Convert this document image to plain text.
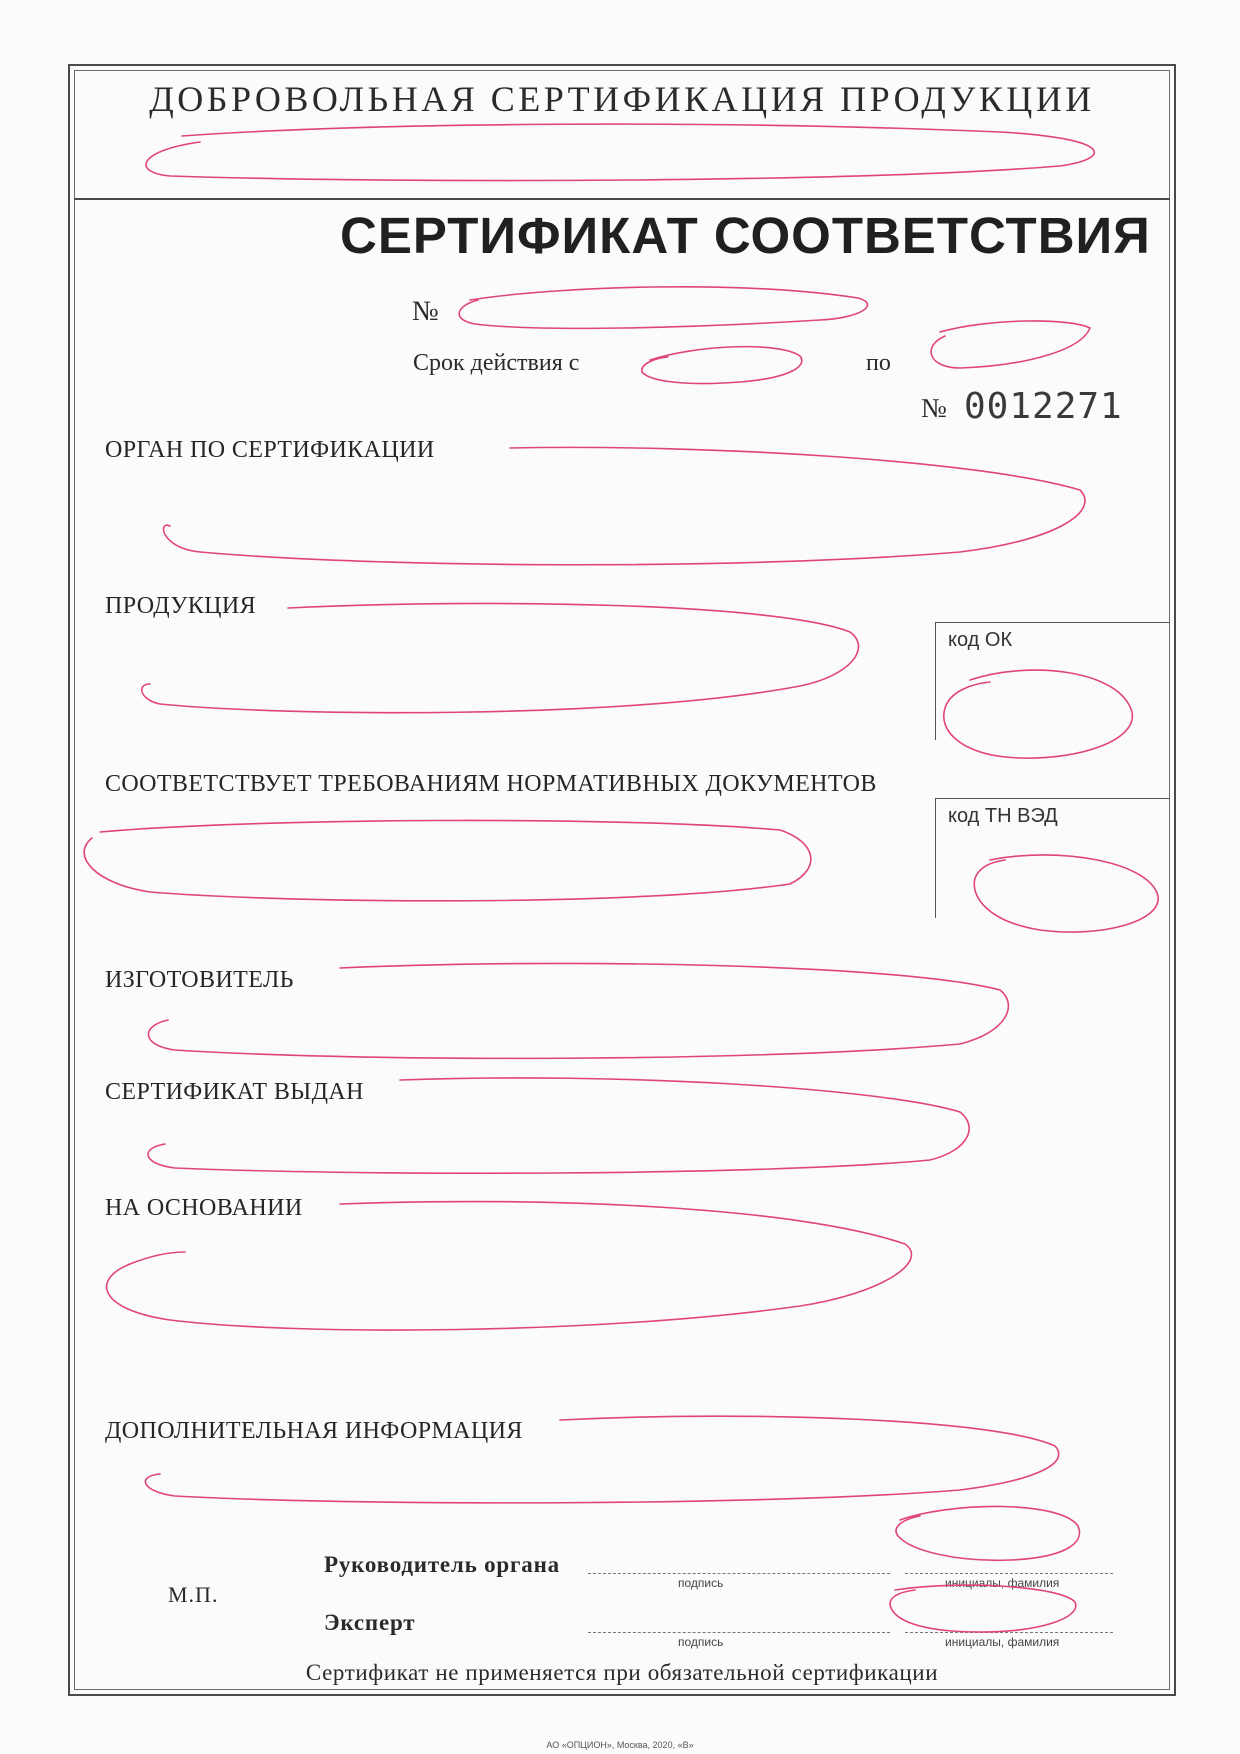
ДОБРОВОЛЬНАЯ СЕРТИФИКАЦИЯ ПРОДУКЦИИ
СЕРТИФИКАТ СООТВЕТСТВИЯ
№
Срок действия с	по
№ 0012271
ОРГАН ПО СЕРТИФИКАЦИИ
ПРОДУКЦИЯ
СООТВЕТСТВУЕТ ТРЕБОВАНИЯМ НОРМАТИВНЫХ ДОКУМЕНТОВ
ИЗГОТОВИТЕЛЬ
СЕРТИФИКАТ ВЫДАН
НА ОСНОВАНИИ
ДОПОЛНИТЕЛЬНАЯ ИНФОРМАЦИЯ
код ОК
код ТН ВЭД
М.П.
Руководитель органа
подпись	инициалы, фамилия
Эксперт
подпись	инициалы, фамилия
Сертификат не применяется при обязательной сертификации
АО «ОПЦИОН», Москва, 2020, «В»
